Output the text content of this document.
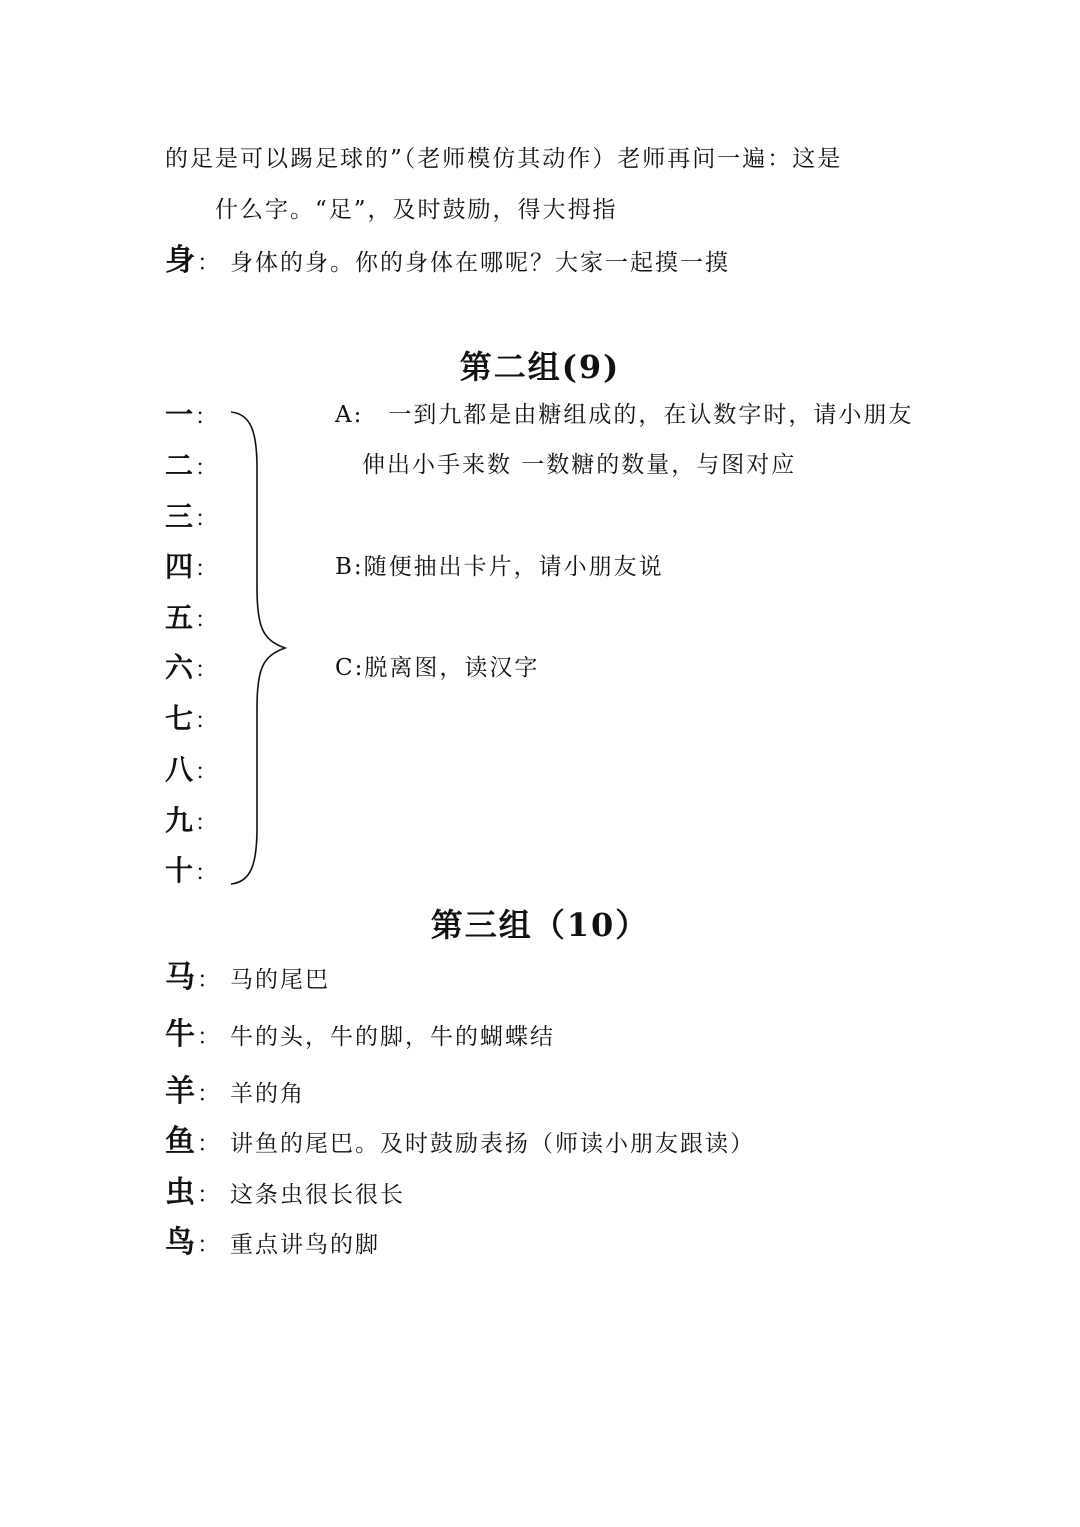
的足是可以踢足球的”（老师模仿其动作）老师再问一遍：这是
什么字。“足”，及时鼓励，得大拇指
身： 身体的身。你的身体在哪呢？大家一起摸一摸
第二组(9)
一：
二：
三：
四：
五：
六：
七：
八：
九：
十：
A:　一到九都是由糖组成的，在认数字时，请小朋友
伸出小手来数 一数糖的数量，与图对应
B:随便抽出卡片，请小朋友说
C:脱离图，读汉字
第三组（10）
马： 马的尾巴
牛： 牛的头，牛的脚，牛的蝴蝶结
羊： 羊的角
鱼： 讲鱼的尾巴。及时鼓励表扬（师读小朋友跟读）
虫： 这条虫很长很长
鸟： 重点讲鸟的脚
